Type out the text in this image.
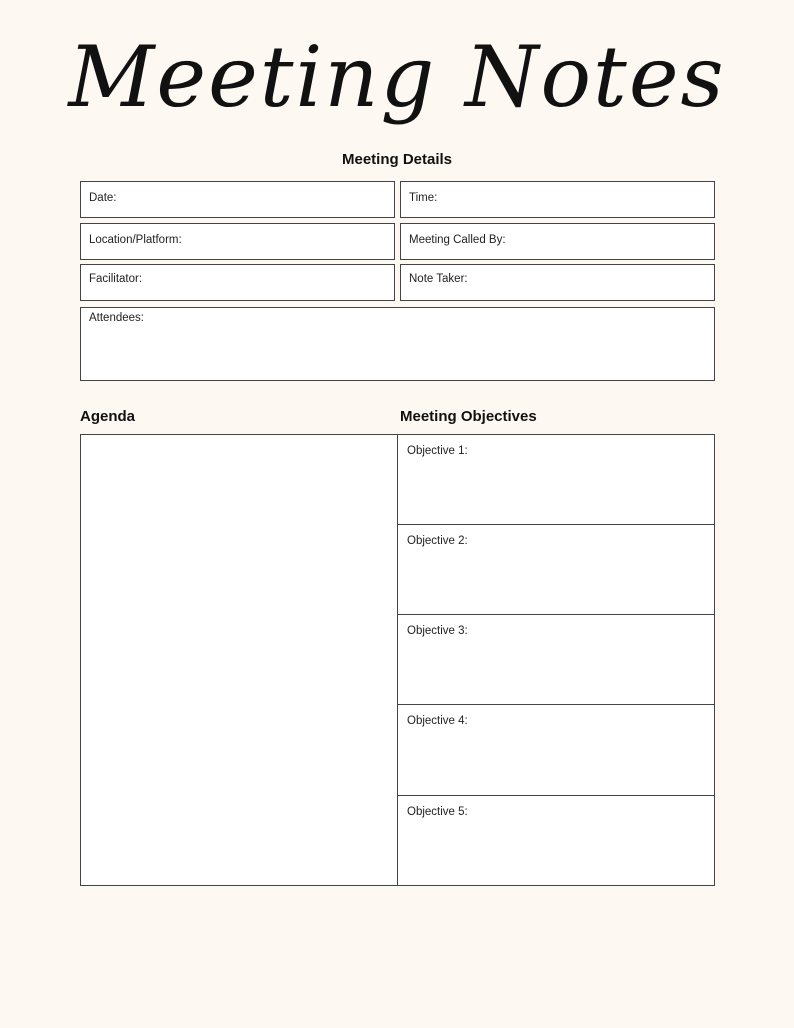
Meeting Notes
Meeting Details
Date:	Time:
Location/Platform:	Meeting Called By:
Facilitator:	Note Taker:
Attendees:
Agenda	Meeting Objectives
Objective 1:
Objective 2:
Objective 3:
Objective 4:
Objective 5:
